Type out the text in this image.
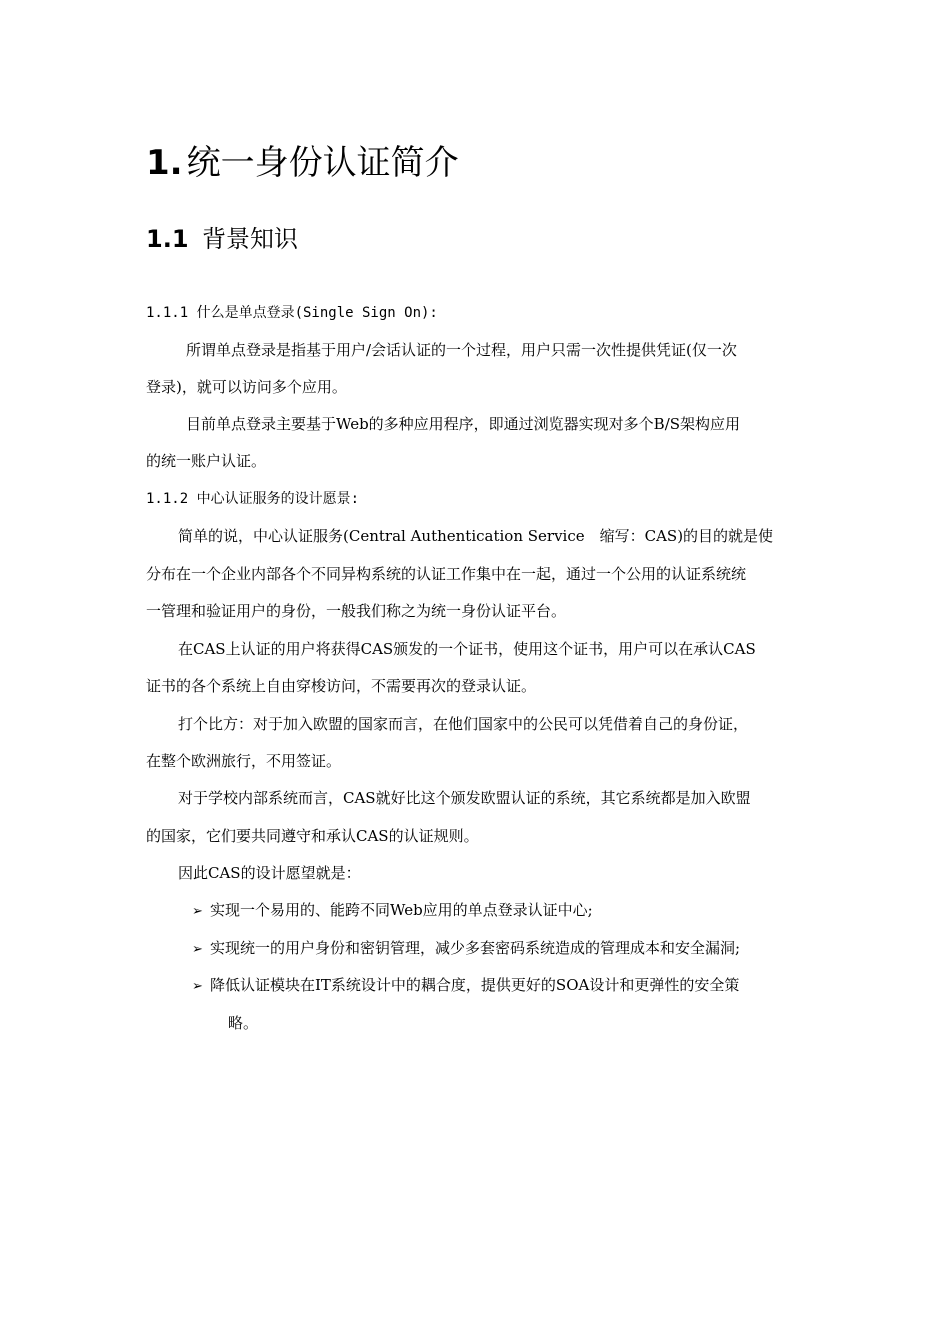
1. 统一身份认证简介
1.1 背景知识
1.1.1 什么是单点登录(Single Sign On):
所谓单点登录是指基于用户/会话认证的一个过程，用户只需一次性提供凭证(仅一次
登录)，就可以访问多个应用。
目前单点登录主要基于Web的多种应用程序，即通过浏览器实现对多个B/S架构应用
的统一账户认证。
1.1.2 中心认证服务的设计愿景:
简单的说，中心认证服务(Central Authentication Service　缩写：CAS)的目的就是使
分布在一个企业内部各个不同异构系统的认证工作集中在一起，通过一个公用的认证系统统
一管理和验证用户的身份，一般我们称之为统一身份认证平台。
在CAS上认证的用户将获得CAS颁发的一个证书，使用这个证书，用户可以在承认CAS
证书的各个系统上自由穿梭访问，不需要再次的登录认证。
打个比方：对于加入欧盟的国家而言，在他们国家中的公民可以凭借着自己的身份证，
在整个欧洲旅行，不用签证。
对于学校内部系统而言，CAS就好比这个颁发欧盟认证的系统，其它系统都是加入欧盟
的国家，它们要共同遵守和承认CAS的认证规则。
因此CAS的设计愿望就是：
➢ 实现一个易用的、能跨不同Web应用的单点登录认证中心;
➢ 实现统一的用户身份和密钥管理，减少多套密码系统造成的管理成本和安全漏洞;
➢ 降低认证模块在IT系统设计中的耦合度，提供更好的SOA设计和更弹性的安全策
略。
